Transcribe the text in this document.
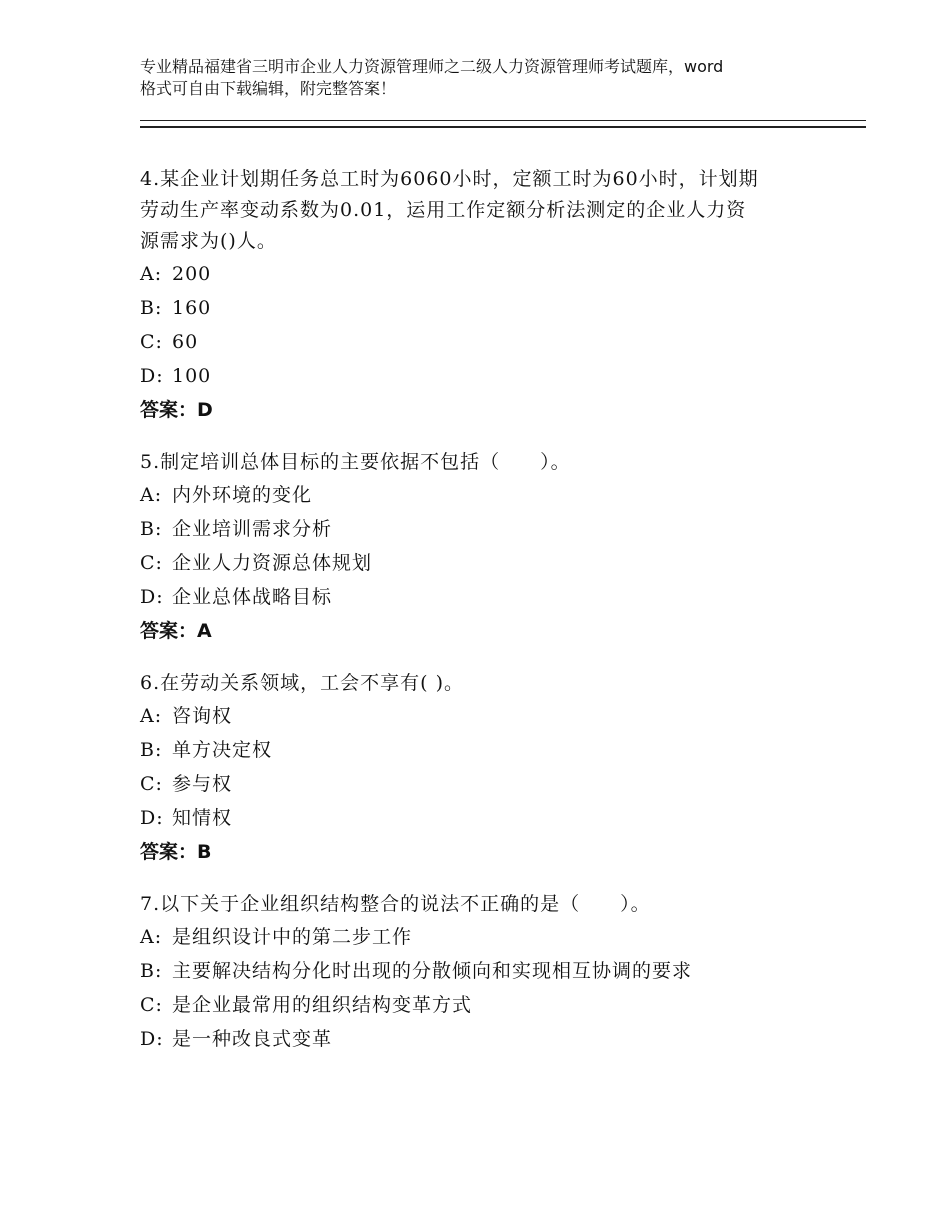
专业精品福建省三明市企业人力资源管理师之二级人力资源管理师考试题库，word
格式可自由下载编辑，附完整答案！

4.某企业计划期任务总工时为6060小时，定额工时为60小时，计划期

劳动生产率变动系数为0.01，运用工作定额分析法测定的企业人力资

源需求为()人。

A: 200

B: 160

C: 60

D: 100

答案：D

5.制定培训总体目标的主要依据不包括（　　）。

A: 内外环境的变化

B: 企业培训需求分析

C: 企业人力资源总体规划

D: 企业总体战略目标

答案：A

6.在劳动关系领域，工会不享有( )。

A: 咨询权

B: 单方决定权

C: 参与权

D: 知情权

答案：B

7.以下关于企业组织结构整合的说法不正确的是（　　）。

A: 是组织设计中的第二步工作

B: 主要解决结构分化时出现的分散倾向和实现相互协调的要求

C: 是企业最常用的组织结构变革方式

D: 是一种改良式变革
